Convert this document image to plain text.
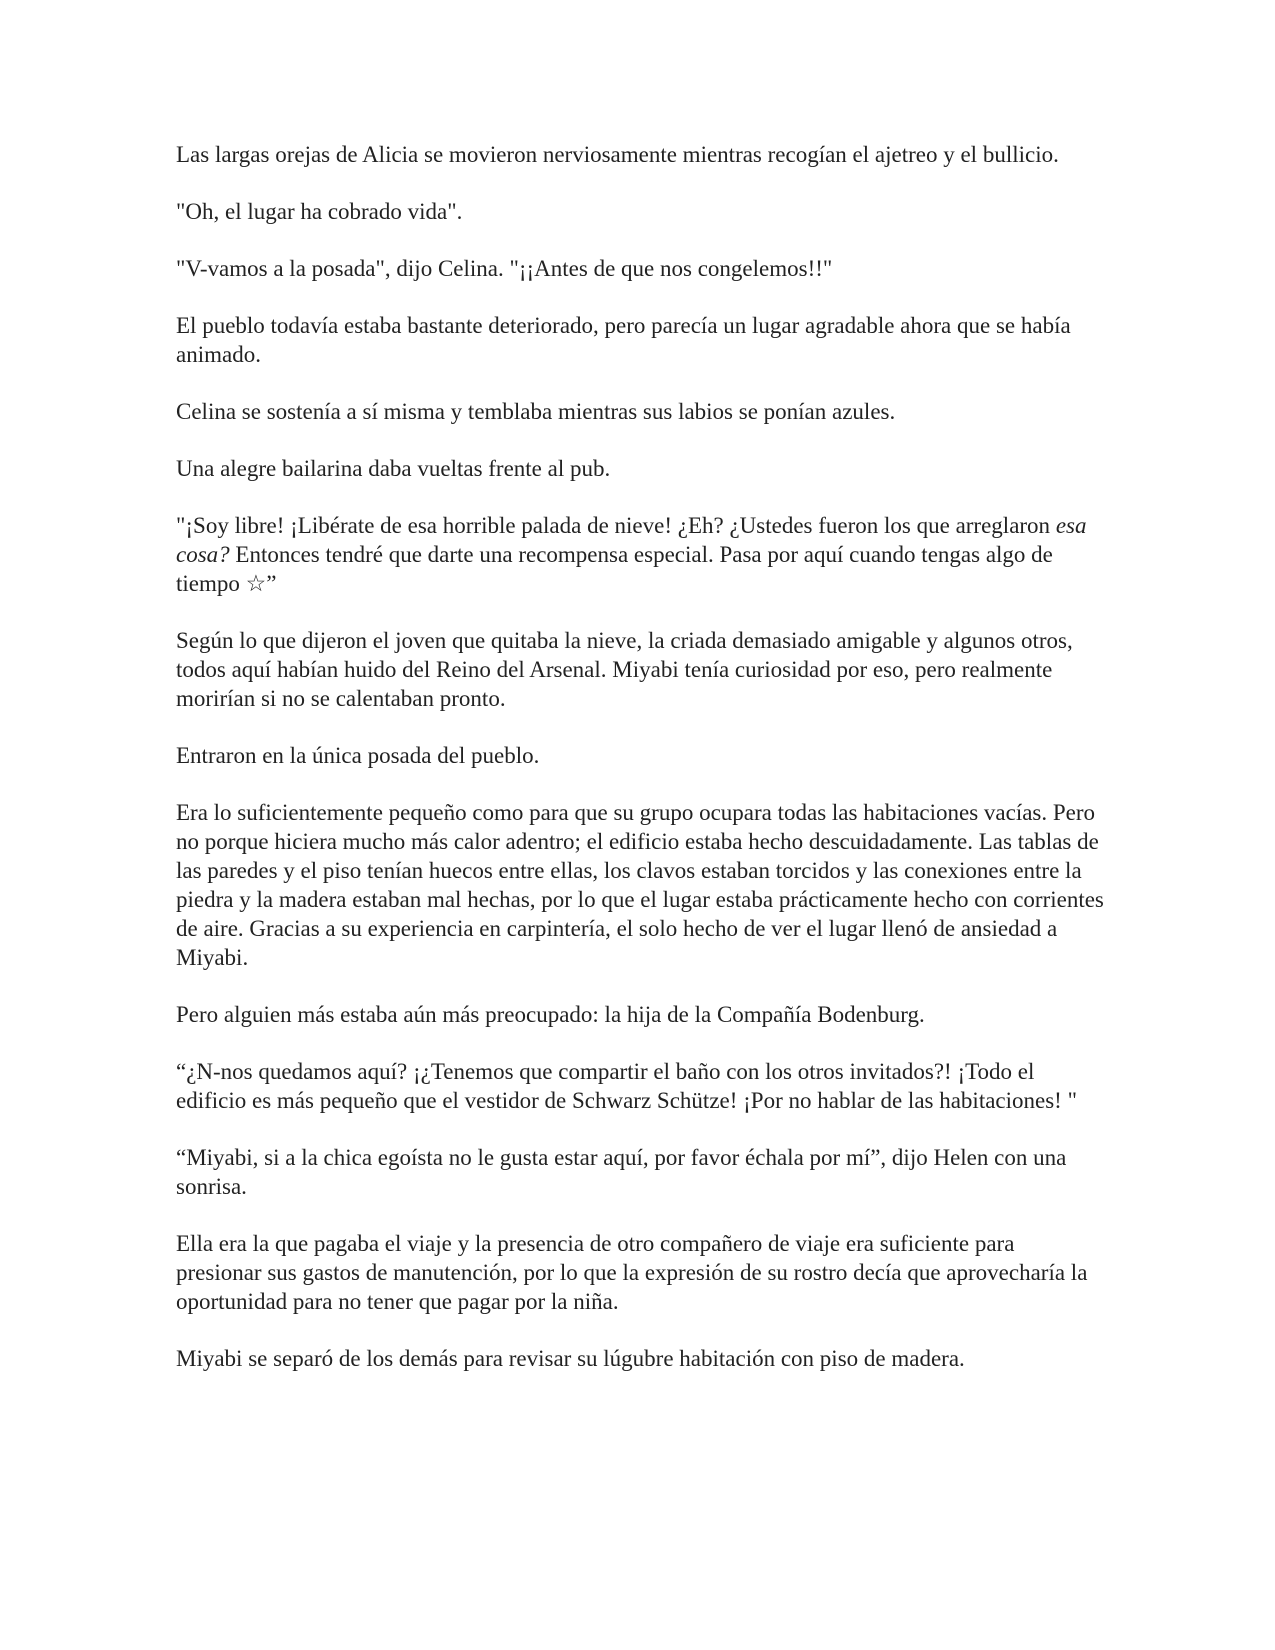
Las largas orejas de Alicia se movieron nerviosamente mientras recogían el ajetreo y el bullicio.

"Oh, el lugar ha cobrado vida".

"V-vamos a la posada", dijo Celina. "¡¡Antes de que nos congelemos!!"

El pueblo todavía estaba bastante deteriorado, pero parecía un lugar agradable ahora que se había animado.

Celina se sostenía a sí misma y temblaba mientras sus labios se ponían azules.

Una alegre bailarina daba vueltas frente al pub.

"¡Soy libre! ¡Libérate de esa horrible palada de nieve! ¿Eh? ¿Ustedes fueron los que arreglaron esa cosa? Entonces tendré que darte una recompensa especial. Pasa por aquí cuando tengas algo de tiempo ☆”

Según lo que dijeron el joven que quitaba la nieve, la criada demasiado amigable y algunos otros, todos aquí habían huido del Reino del Arsenal. Miyabi tenía curiosidad por eso, pero realmente morirían si no se calentaban pronto.

Entraron en la única posada del pueblo.

Era lo suficientemente pequeño como para que su grupo ocupara todas las habitaciones vacías. Pero no porque hiciera mucho más calor adentro; el edificio estaba hecho descuidadamente. Las tablas de las paredes y el piso tenían huecos entre ellas, los clavos estaban torcidos y las conexiones entre la piedra y la madera estaban mal hechas, por lo que el lugar estaba prácticamente hecho con corrientes de aire. Gracias a su experiencia en carpintería, el solo hecho de ver el lugar llenó de ansiedad a Miyabi.

Pero alguien más estaba aún más preocupado: la hija de la Compañía Bodenburg.

“¿N-nos quedamos aquí? ¡¿Tenemos que compartir el baño con los otros invitados?! ¡Todo el edificio es más pequeño que el vestidor de Schwarz Schütze! ¡Por no hablar de las habitaciones! "

“Miyabi, si a la chica egoísta no le gusta estar aquí, por favor échala por mí”, dijo Helen con una sonrisa.

Ella era la que pagaba el viaje y la presencia de otro compañero de viaje era suficiente para presionar sus gastos de manutención, por lo que la expresión de su rostro decía que aprovecharía la oportunidad para no tener que pagar por la niña.

Miyabi se separó de los demás para revisar su lúgubre habitación con piso de madera.
